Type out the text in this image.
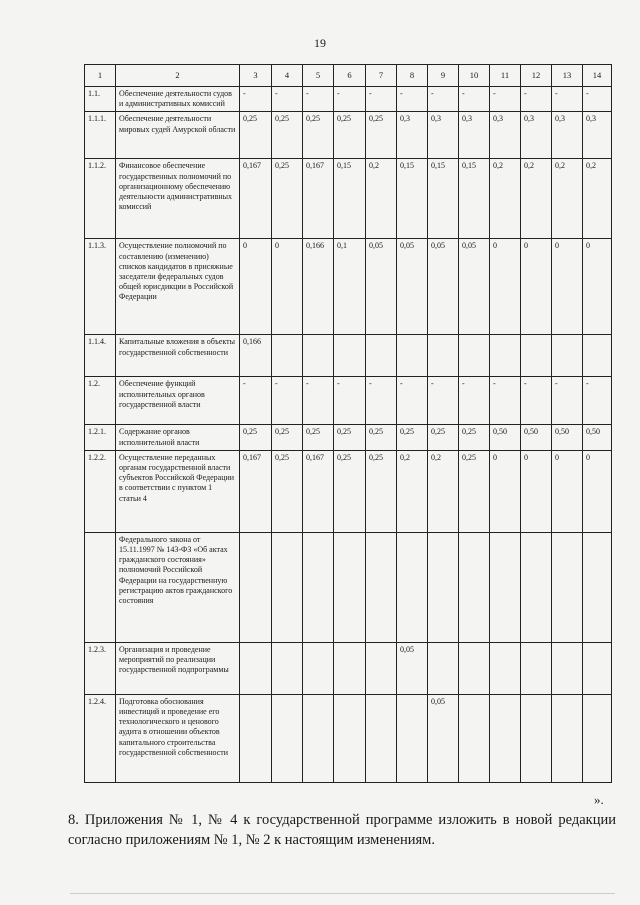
19
1	2	3	4	5	6	7	8	9	10	11	12	13	14
1.1.	Обеспечение деятельности судов и административных комиссий	-	-	-	-	-	-	-	-	-	-	-	-
1.1.1.	Обеспечение деятельности мировых судей Амурской области	0,25	0,25	0,25	0,25	0,25	0,3	0,3	0,3	0,3	0,3	0,3	0,3
1.1.2.	Финансовое обеспечение государственных полномочий по организационному обеспечению деятельности административных комиссий	0,167	0,25	0,167	0,15	0,2	0,15	0,15	0,15	0,2	0,2	0,2	0,2
1.1.3.	Осуществление полномочий по составлению (изменению) списков кандидатов в присяжные заседатели федеральных судов общей юрисдикции в Российской Федерации	0	0	0,166	0,1	0,05	0,05	0,05	0,05	0	0	0	0
1.1.4.	Капитальные вложения в объекты государственной собственности	0,166											
1.2.	Обеспечение функций исполнительных органов государственной власти	-	-	-	-	-	-	-	-	-	-	-	-
1.2.1.	Содержание органов исполнительной власти	0,25	0,25	0,25	0,25	0,25	0,25	0,25	0,25	0,50	0,50	0,50	0,50
1.2.2.	Осуществление переданных органам государственной власти субъектов Российской Федерации в соответствии с пунктом 1 статьи 4	0,167	0,25	0,167	0,25	0,25	0,2	0,2	0,25	0	0	0	0
	Федерального закона от 15.11.1997 № 143-ФЗ «Об актах гражданского состояния» полномочий Российской Федерации на государственную регистрацию актов гражданского состояния												
1.2.3.	Организация и проведение мероприятий по реализации государственной подпрограммы						0,05						
1.2.4.	Подготовка обоснования инвестиций и проведение его технологического и ценового аудита в отношении объектов капитального строительства государственной собственности							0,05					
».
8. Приложения № 1, № 4 к государственной программе изложить в новой редакции согласно приложениям № 1, № 2 к настоящим изменениям.
